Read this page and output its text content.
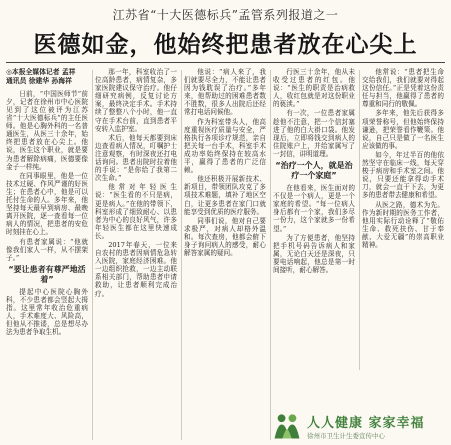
江苏省“十大医德标兵”孟管系列报道之一
医德如金，他始终把患者放在心尖上
◎本报全媒体记者 孟祥
通讯员 徐建华 孙海祥

日前，“中国医师节”前夕，记者在徐州市中心医院见到了这位被评为江苏省“十大医德标兵”的主任医师。他是心胸外科的一名普通医生，从医三十余年，始终把患者放在心尖上。他说，医生这个职业，就是要为患者解除病痛，医德要像金子一样纯。

在同事眼里，他是一位技术过硬、作风严谨的好医生；在患者心中，他是可以托付生命的人。多年来，他坚持每天最早到病房、最晚离开医院，逐一查看每一位病人的情况，把患者的安危时刻挂在心上。

有患者家属说：“他就像我们家人一样，从不摆架子。”

“要让患者有尊严地活着”

提起中心医院心胸外科，不少患者都会竖起大拇指。这里常年收治危重病人，手术难度大、风险高，但他从不推诿，总是想尽办法为患者争取生机。

那一年，科室收治了一位高龄患者，病情复杂，多家医院建议保守治疗。他仔细研究病例，反复讨论方案，最终决定手术。手术持续了整整八个小时，他一直守在手术台前，直到患者平安转入监护室。

术后，他每天都要到床边查看病人情况，叮嘱护士注意观察，有时深夜还打电话询问。患者出院时拉着他的手说：“是你给了我第二次生命。”

他常对年轻医生说：“医生看的不只是病，更是病人。”在他的带领下，科室形成了细致耐心、以患者为中心的良好风气，许多年轻医生都在这里快速成长。

2017年春天，一位来自农村的患者因病情危急转入医院，家庭经济困难。他一边组织抢救，一边主动联系相关部门，帮助患者申请救助，让患者顺利完成治疗。

他说：“病人来了，我们就要尽全力，不能让患者因为钱耽误了治疗。”多年来，他帮助过的困难患者数不胜数，很多人出院后还经常打电话问候他。

作为科室带头人，他高度重视医疗质量与安全，严格执行各项诊疗规范，亲自把关每一台手术，科室手术成功率始终保持在较高水平，赢得了患者的广泛信赖。

他还积极开展新技术、新项目，带领团队攻克了多项技术难题，填补了地区空白，让更多患者在家门口就能享受到优质的医疗服务。

同事们说，他对自己要求极严，对病人却格外温和。每次查房，他都会俯下身子询问病人的感受，耐心解答家属的疑问。

行医三十余年，他从未收受过患者的红包。他说：“医生的职责是治病救人，收红包就是对这份职业的亵渎。”

有一次，一位患者家属趁他不注意，把一个信封塞进了他的白大褂口袋。他发现后，立即将钱交到病人的住院账户上，并给家属写了一封信，讲明道理。

“治疗一个人，就是治疗一个家庭”

在他看来，医生面对的不仅是一个病人，更是一个家庭的希望。“每一位病人身后都有一个家，我们多尽一份力，这个家就多一份希望。”

为了方便患者，他坚持把手机号码告诉病人和家属，无论白天还是深夜，只要电话响起，他总是第一时间接听，耐心解答。

他常说：“患者把生命交给我们，我们就要对得起这份信任。”正是凭着这份责任与担当，他赢得了患者的尊重和同行的敬佩。

多年来，他先后获得多项荣誉称号，但他始终保持谦逊，把荣誉看作鞭策。他说，自己只是做了一名医生应该做的事。

如今，年过半百的他依然坚守在临床一线，每天穿梭于病房和手术室之间。他说，只要还能拿得动手术刀，就会一直干下去，为更多的患者带去健康和希望。

从医之路，德术为先。作为新时期的医务工作者，他用实际行动诠释了“敬佑生命、救死扶伤、甘于奉献、大爱无疆”的崇高职业精神。

人人健康 家家幸福
徐州市卫生计生委宣传中心
